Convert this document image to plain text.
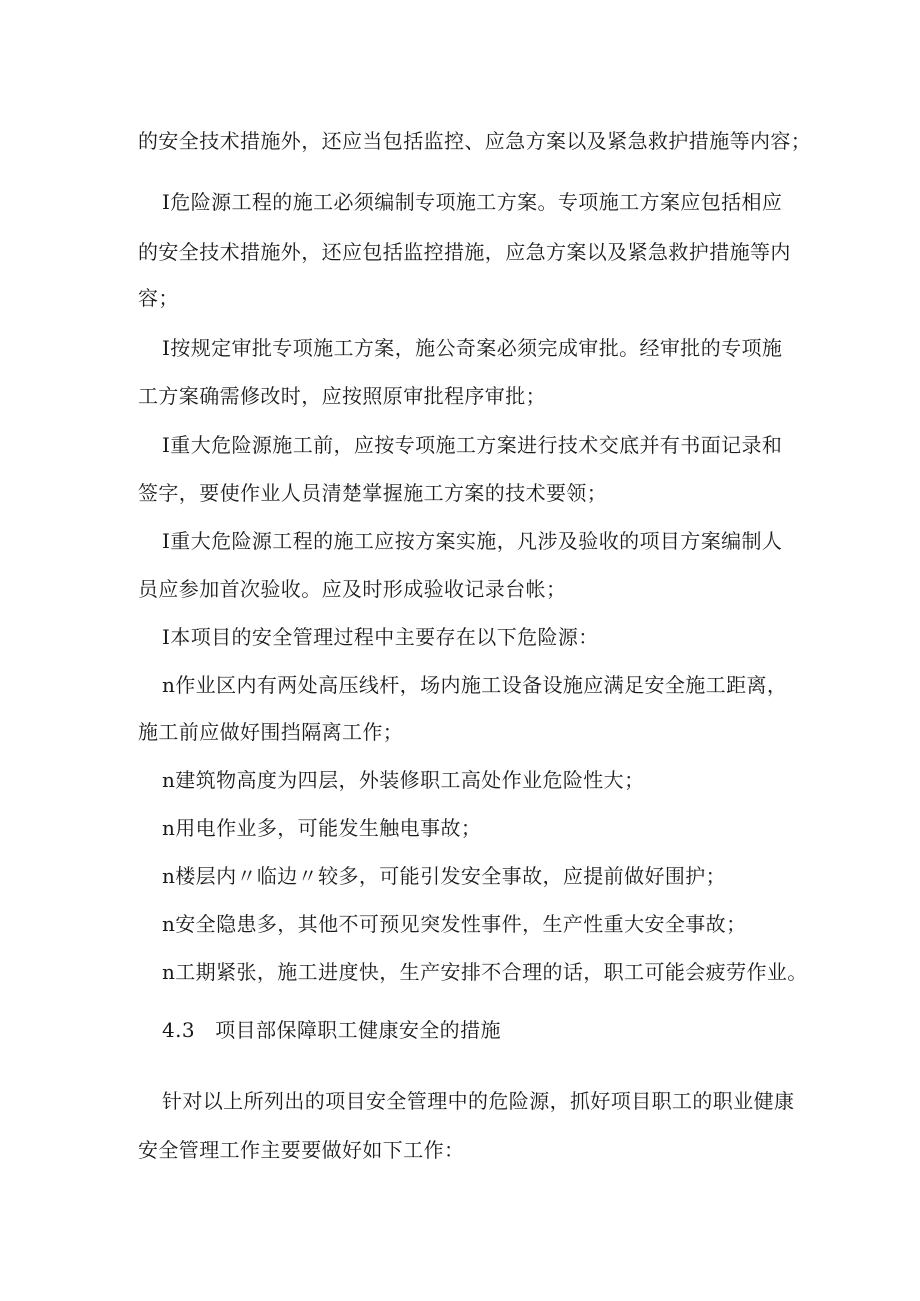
的安全技术措施外，还应当包括监控、应急方案以及紧急救护措施等内容；
I危险源工程的施工必须编制专项施工方案。专项施工方案应包括相应
的安全技术措施外，还应包括监控措施，应急方案以及紧急救护措施等内
容；
I按规定审批专项施工方案，施公奇案必须完成审批。经审批的专项施
工方案确需修改时，应按照原审批程序审批；
I重大危险源施工前，应按专项施工方案进行技术交底并有书面记录和
签字，要使作业人员清楚掌握施工方案的技术要领；
I重大危险源工程的施工应按方案实施，凡涉及验收的项目方案编制人
员应参加首次验收。应及时形成验收记录台帐；
I本项目的安全管理过程中主要存在以下危险源：
n作业区内有两处高压线杆，场内施工设备设施应满足安全施工距离，
施工前应做好围挡隔离工作；
n建筑物高度为四层，外装修职工高处作业危险性大；
n用电作业多，可能发生触电事故；
n楼层内〃临边〃较多，可能引发安全事故，应提前做好围护；
n安全隐患多，其他不可预见突发性事件，生产性重大安全事故；
n工期紧张，施工进度快，生产安排不合理的话，职工可能会疲劳作业。
4.3   项目部保障职工健康安全的措施
针对以上所列出的项目安全管理中的危险源，抓好项目职工的职业健康
安全管理工作主要要做好如下工作：
